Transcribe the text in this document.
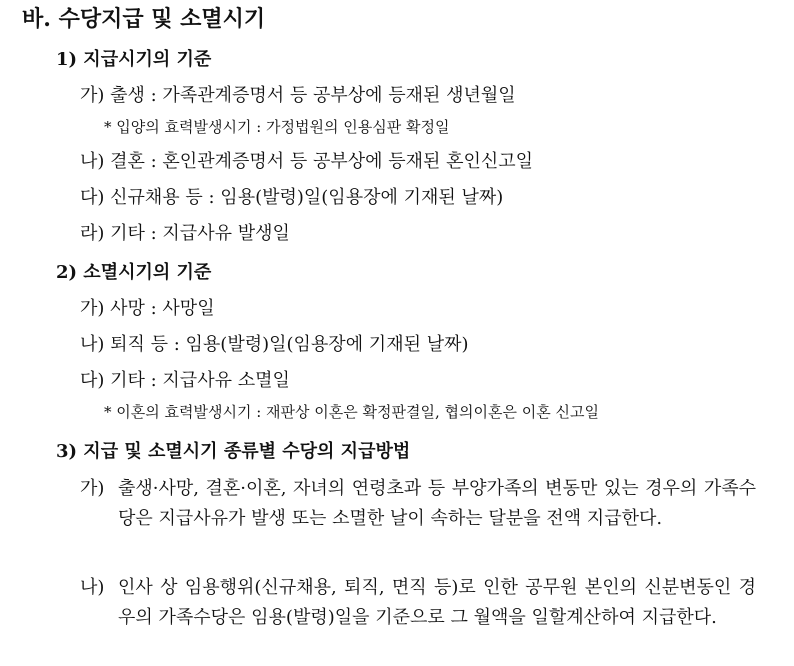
바. 수당지급 및 소멸시기
1) 지급시기의 기준
가) 출생 : 가족관계증명서 등 공부상에 등재된 생년월일
* 입양의 효력발생시기 : 가정법원의 인용심판 확정일
나) 결혼 : 혼인관계증명서 등 공부상에 등재된 혼인신고일
다) 신규채용 등 : 임용(발령)일(임용장에 기재된 날짜)
라) 기타 : 지급사유 발생일
2) 소멸시기의 기준
가) 사망 : 사망일
나) 퇴직 등 : 임용(발령)일(임용장에 기재된 날짜)
다) 기타 : 지급사유 소멸일
* 이혼의 효력발생시기 : 재판상 이혼은 확정판결일, 협의이혼은 이혼 신고일
3) 지급 및 소멸시기 종류별 수당의 지급방법
가) 출생·사망, 결혼·이혼, 자녀의 연령초과 등 부양가족의 변동만 있는 경우의 가족수당은 지급사유가 발생 또는 소멸한 날이 속하는 달분을 전액 지급한다.
나) 인사 상 임용행위(신규채용, 퇴직, 면직 등)로 인한 공무원 본인의 신분변동인 경우의 가족수당은 임용(발령)일을 기준으로 그 월액을 일할계산하여 지급한다.
